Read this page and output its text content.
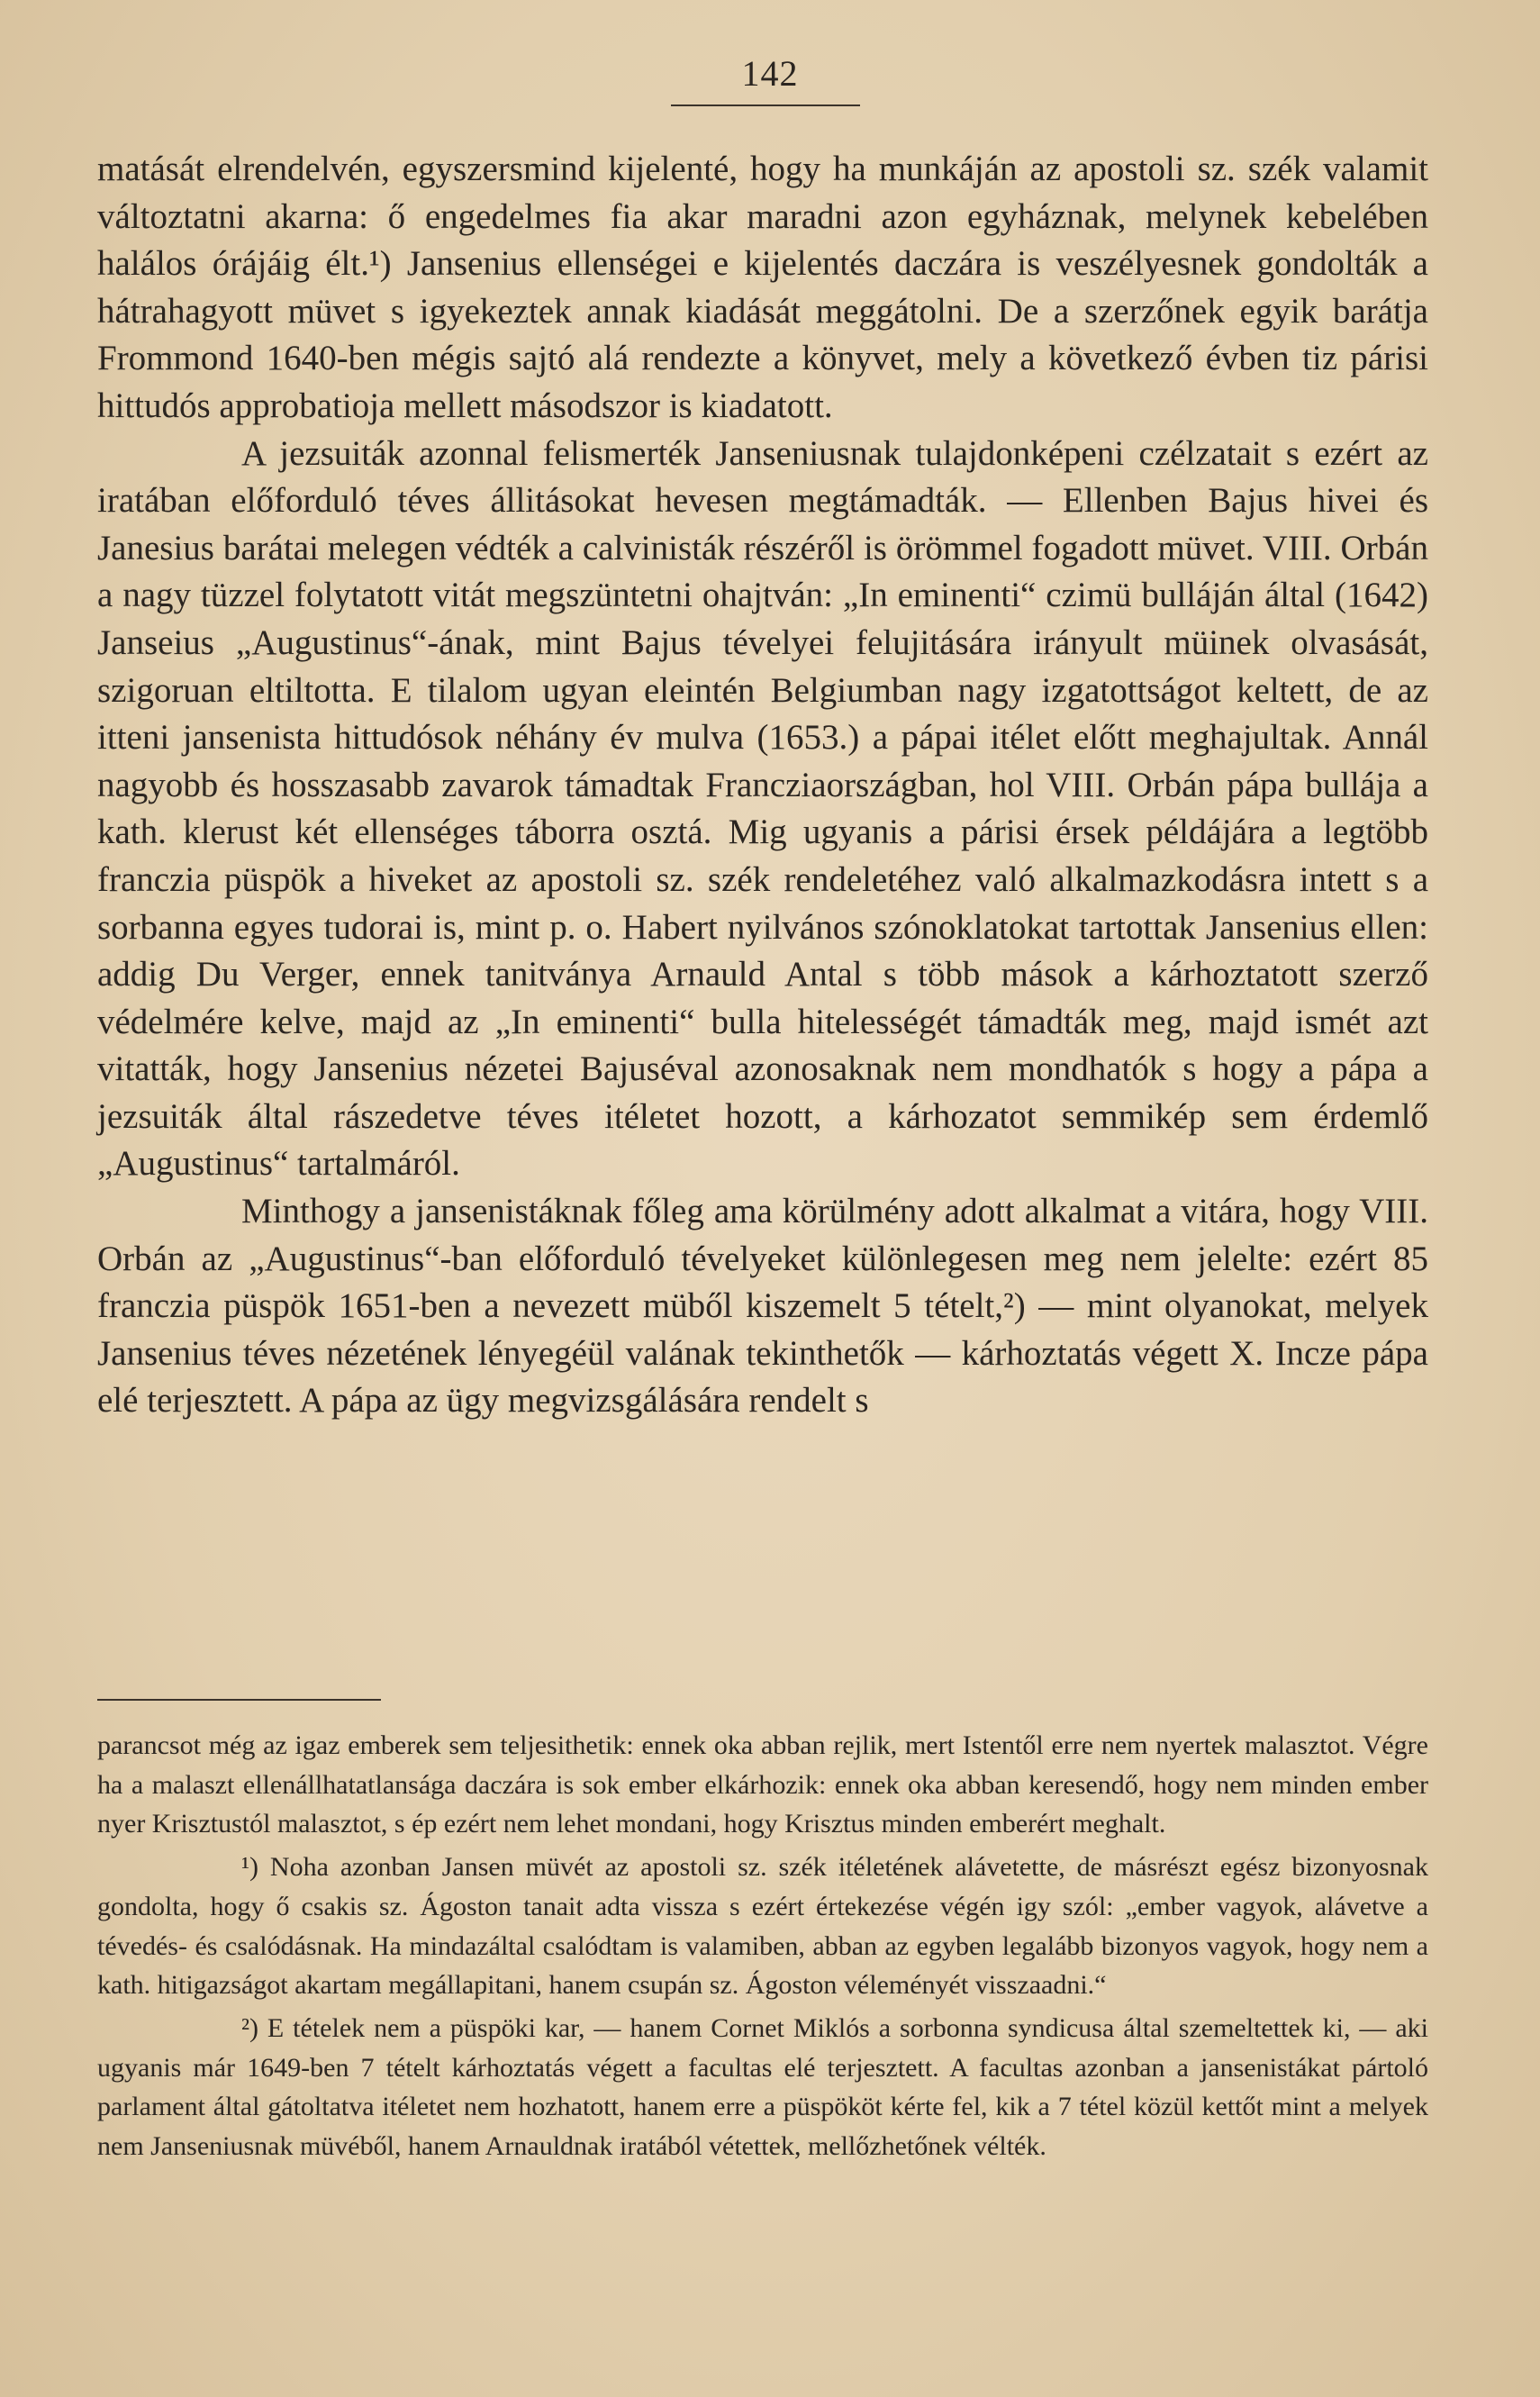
142

matását elrendelvén, egyszersmind kijelenté, hogy ha munkáján az apostoli sz. szék valamit változtatni akarna: ő engedelmes fia akar maradni azon egyháznak, melynek kebelében halálos órájáig élt.¹) Jansenius ellenségei e kijelentés daczára is veszélyesnek gondolták a hátrahagyott müvet s igyekeztek annak kiadását meggátolni. De a szerzőnek egyik barátja Frommond 1640-ben mégis sajtó alá rendezte a könyvet, mely a következő évben tiz párisi hittudós approbatioja mellett másodszor is kiadatott.

A jezsuiták azonnal felismerték Janseniusnak tulajdonképeni czélzatait s ezért az iratában előforduló téves állitásokat hevesen megtámadták. — Ellenben Bajus hivei és Janesius barátai melegen védték a calvinisták részéről is örömmel fogadott müvet. VIII. Orbán a nagy tüzzel folytatott vitát megszüntetni ohajtván: „In eminenti“ czimü bulláján által (1642) Janseius „Augustinus“-ának, mint Bajus tévelyei felujitására irányult müinek olvasását, szigoruan eltiltotta. E tilalom ugyan eleintén Belgiumban nagy izgatottságot keltett, de az itteni jansenista hittudósok néhány év mulva (1653.) a pápai itélet előtt meghajultak. Annál nagyobb és hosszasabb zavarok támadtak Francziaországban, hol VIII. Orbán pápa bullája a kath. klerust két ellenséges táborra osztá. Mig ugyanis a párisi érsek példájára a legtöbb franczia püspök a hiveket az apostoli sz. szék rendeletéhez való alkalmazkodásra intett s a sorbanna egyes tudorai is, mint p. o. Habert nyilvános szónoklatokat tartottak Jansenius ellen: addig Du Verger, ennek tanitványa Arnauld Antal s több mások a kárhoztatott szerző védelmére kelve, majd az „In eminenti“ bulla hitelességét támadták meg, majd ismét azt vitatták, hogy Jansenius nézetei Bajuséval azonosaknak nem mondhatók s hogy a pápa a jezsuiták által rászedetve téves itéletet hozott, a kárhozatot semmikép sem érdemlő „Augustinus“ tartalmáról.

Minthogy a jansenistáknak főleg ama körülmény adott alkalmat a vitára, hogy VIII. Orbán az „Augustinus“-ban előforduló tévelyeket különlegesen meg nem jelelte: ezért 85 franczia püspök 1651-ben a nevezett müből kiszemelt 5 tételt,²) — mint olyanokat, melyek Jansenius téves nézetének lényegéül valának tekinthetők — kárhoztatás végett X. Incze pápa elé terjesztett. A pápa az ügy megvizsgálására rendelt s

parancsot még az igaz emberek sem teljesithetik: ennek oka abban rejlik, mert Istentől erre nem nyertek malasztot. Végre ha a malaszt ellenállhatatlansága daczára is sok ember elkárhozik: ennek oka abban keresendő, hogy nem minden ember nyer Krisztustól malasztot, s ép ezért nem lehet mondani, hogy Krisztus minden emberért meghalt.

¹) Noha azonban Jansen müvét az apostoli sz. szék itéletének alávetette, de másrészt egész bizonyosnak gondolta, hogy ő csakis sz. Ágoston tanait adta vissza s ezért értekezése végén igy szól: „ember vagyok, alávetve a tévedés- és csalódásnak. Ha mindazáltal csalódtam is valamiben, abban az egyben legalább bizonyos vagyok, hogy nem a kath. hitigazságot akartam megállapitani, hanem csupán sz. Ágoston véleményét visszaadni.“

²) E tételek nem a püspöki kar, — hanem Cornet Miklós a sorbonna syndicusa által szemeltettek ki, — aki ugyanis már 1649-ben 7 tételt kárhoztatás végett a facultas elé terjesztett. A facultas azonban a jansenistákat pártoló parlament által gátoltatva itéletet nem hozhatott, hanem erre a püspököt kérte fel, kik a 7 tétel közül kettőt mint a melyek nem Janseniusnak müvéből, hanem Arnauldnak iratából vétettek, mellőzhetőnek vélték.
